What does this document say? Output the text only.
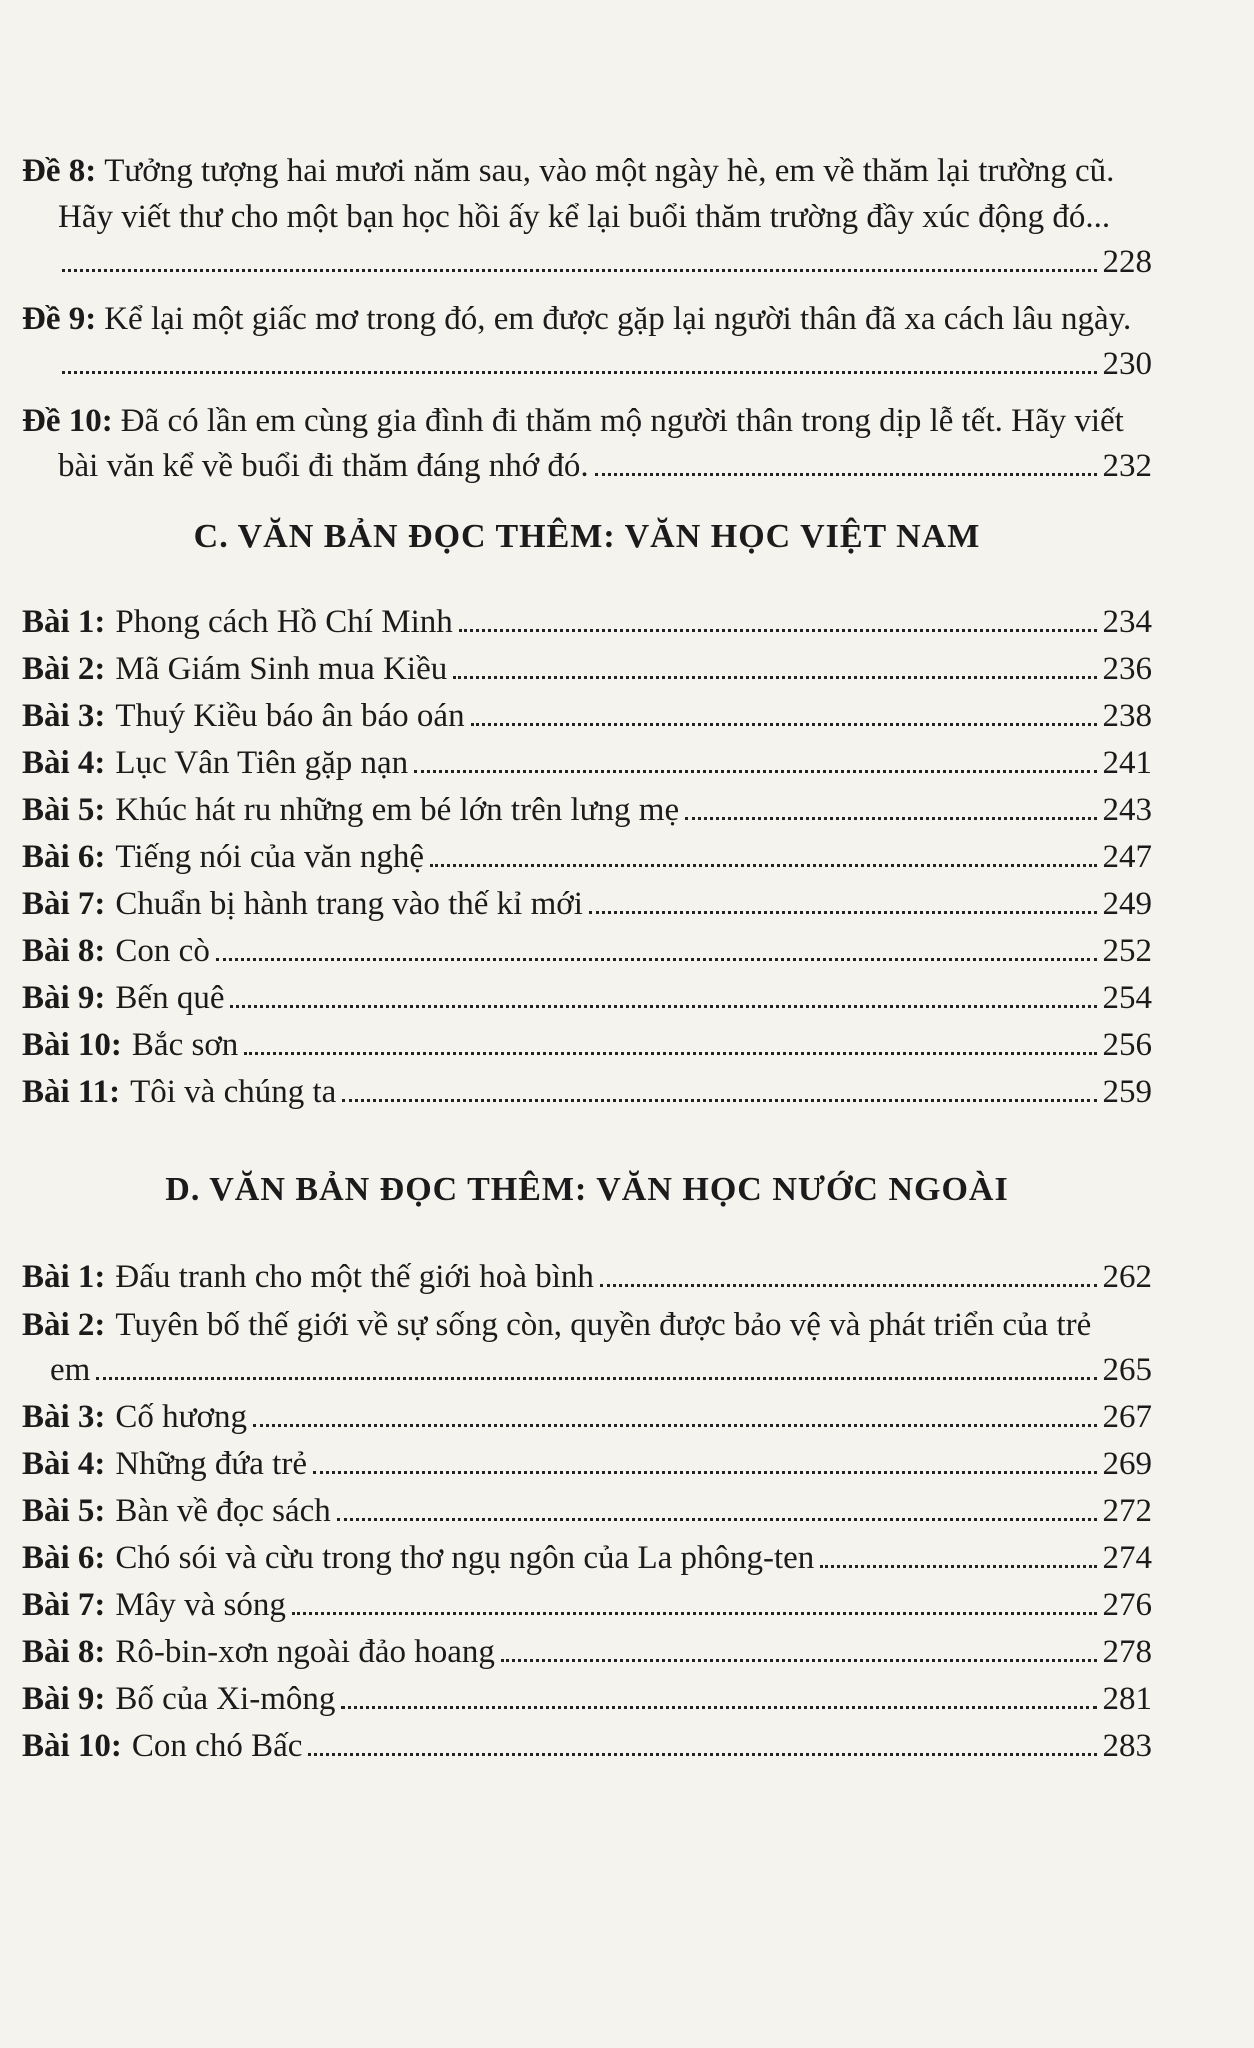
Đề 8: Tưởng tượng hai mươi năm sau, vào một ngày hè, em về thăm lại trường cũ.
Hãy viết thư cho một bạn học hồi ấy kể lại buổi thăm trường đầy xúc động đó...
228
Đề 9: Kể lại một giấc mơ trong đó, em được gặp lại người thân đã xa cách lâu ngày.
230
Đề 10: Đã có lần em cùng gia đình đi thăm mộ người thân trong dịp lễ tết. Hãy viết
bài văn kể về buổi đi thăm đáng nhớ đó.	232
C. VĂN BẢN ĐỌC THÊM: VĂN HỌC VIỆT NAM
Bài 1: Phong cách Hồ Chí Minh	234
Bài 2: Mã Giám Sinh mua Kiều	236
Bài 3: Thuý Kiều báo ân báo oán	238
Bài 4: Lục Vân Tiên gặp nạn	241
Bài 5: Khúc hát ru những em bé lớn trên lưng mẹ	243
Bài 6: Tiếng nói của văn nghệ	247
Bài 7: Chuẩn bị hành trang vào thế kỉ mới	249
Bài 8: Con cò	252
Bài 9: Bến quê	254
Bài 10: Bắc sơn	256
Bài 11: Tôi và chúng ta	259
D. VĂN BẢN ĐỌC THÊM: VĂN HỌC NƯỚC NGOÀI
Bài 1: Đấu tranh cho một thế giới hoà bình	262
Bài 2: Tuyên bố thế giới về sự sống còn, quyền được bảo vệ và phát triển của trẻ
em	265
Bài 3: Cố hương	267
Bài 4: Những đứa trẻ	269
Bài 5: Bàn về đọc sách	272
Bài 6: Chó sói và cừu trong thơ ngụ ngôn của La phông-ten	274
Bài 7: Mây và sóng	276
Bài 8: Rô-bin-xơn ngoài đảo hoang	278
Bài 9: Bố của Xi-mông	281
Bài 10: Con chó Bấc	283
